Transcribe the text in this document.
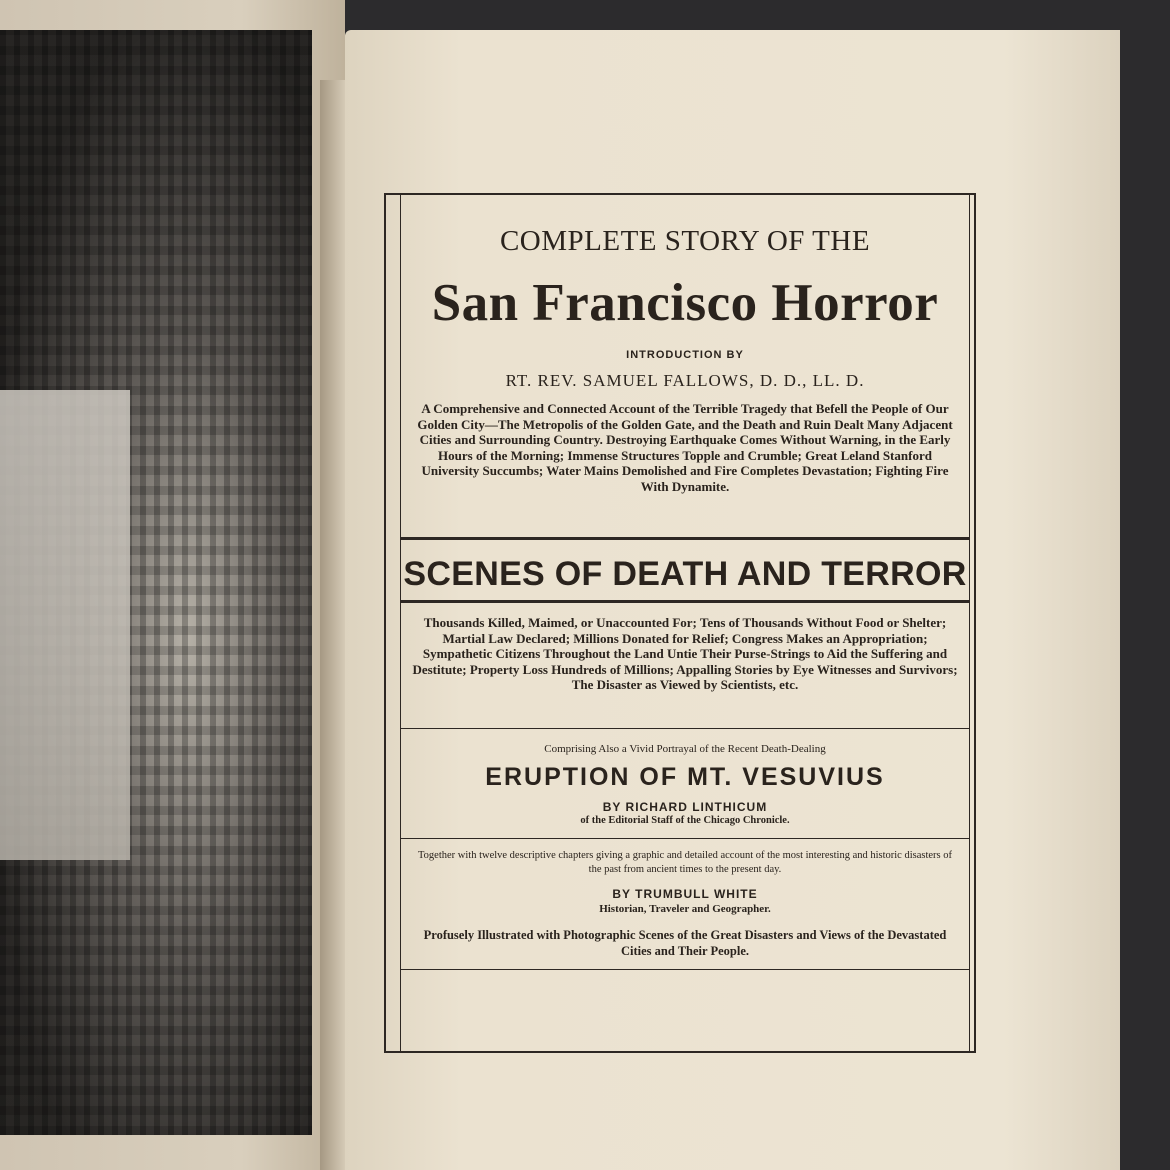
COMPLETE STORY OF THE
San Francisco Horror
INTRODUCTION BY
RT. REV. SAMUEL FALLOWS, D. D., LL. D.
A Comprehensive and Connected Account of the Terrible Tragedy that Befell the People of Our Golden City—The Metropolis of the Golden Gate, and the Death and Ruin Dealt Many Adjacent Cities and Surrounding Country. Destroying Earthquake Comes Without Warning, in the Early Hours of the Morning; Immense Structures Topple and Crumble; Great Leland Stanford University Succumbs; Water Mains Demolished and Fire Completes Devastation; Fighting Fire With Dynamite.
SCENES OF DEATH AND TERROR
Thousands Killed, Maimed, or Unaccounted For; Tens of Thousands Without Food or Shelter; Martial Law Declared; Millions Donated for Relief; Congress Makes an Appropriation; Sympathetic Citizens Throughout the Land Untie Their Purse-Strings to Aid the Suffering and Destitute; Property Loss Hundreds of Millions; Appalling Stories by Eye Witnesses and Survivors; The Disaster as Viewed by Scientists, etc.
Comprising Also a Vivid Portrayal of the Recent Death-Dealing
ERUPTION OF MT. VESUVIUS
BY RICHARD LINTHICUM
of the Editorial Staff of the Chicago Chronicle.
Together with twelve descriptive chapters giving a graphic and detailed account of the most interesting and historic disasters of the past from ancient times to the present day.
BY TRUMBULL WHITE
Historian, Traveler and Geographer.
Profusely Illustrated with Photographic Scenes of the Great Disasters and Views of the Devastated Cities and Their People.
